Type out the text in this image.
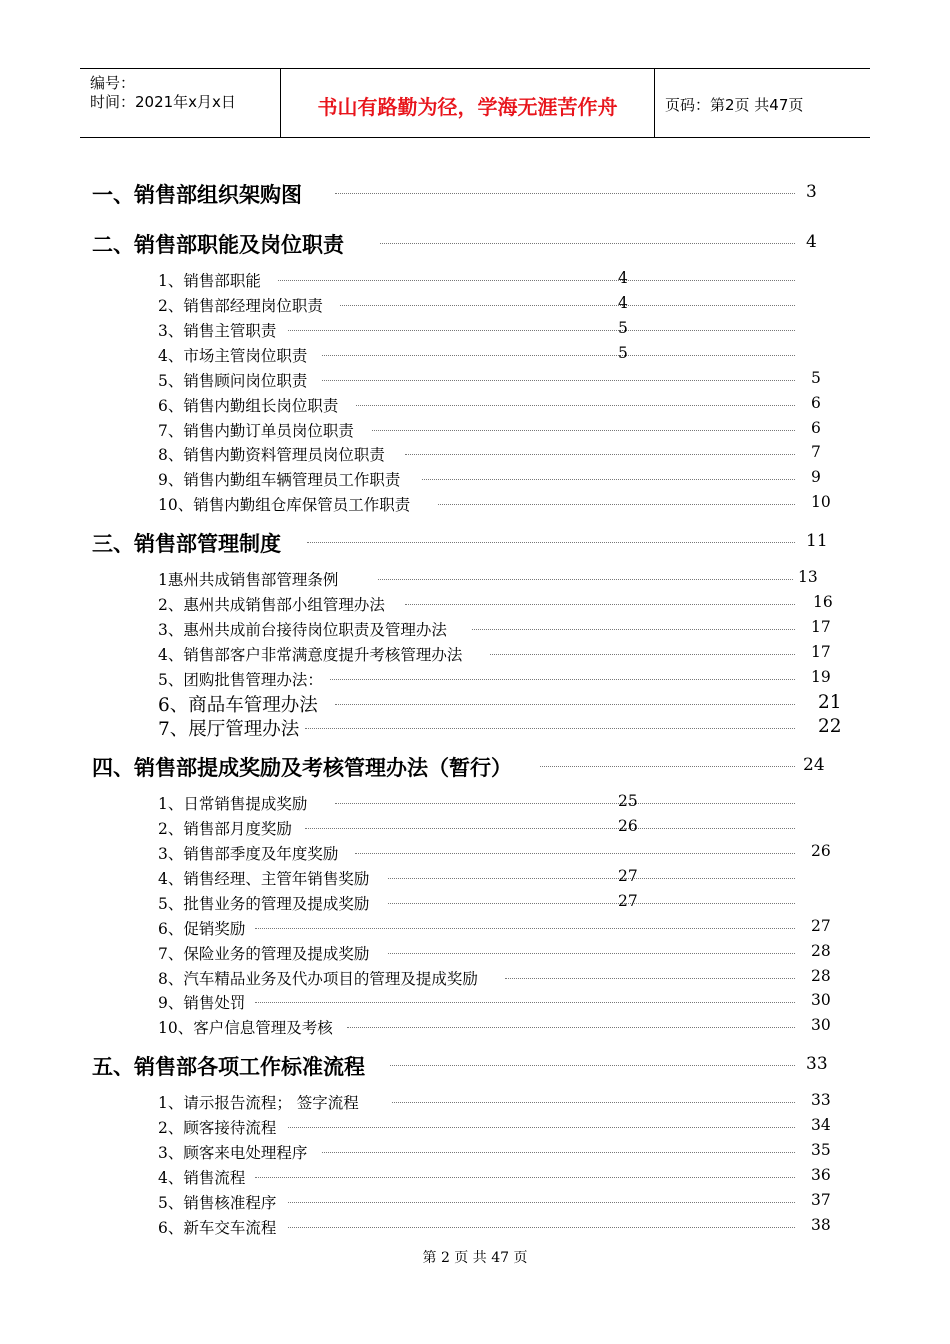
编号：
时间：2021年x月x日	书山有路勤为径，学海无涯苦作舟	页码：第2页 共47页
一、销售部组织架购图	3
二、销售部职能及岗位职责	4
1、销售部职能	4
2、销售部经理岗位职责	4
3、销售主管职责	5
4、市场主管岗位职责	5
5、销售顾问岗位职责	5
6、销售内勤组长岗位职责	6
7、销售内勤订单员岗位职责	6
8、销售内勤资料管理员岗位职责	7
9、销售内勤组车辆管理员工作职责	9
10、销售内勤组仓库保管员工作职责	10
三、销售部管理制度	11
1惠州共成销售部管理条例	13
2、惠州共成销售部小组管理办法	16
3、惠州共成前台接待岗位职责及管理办法	17
4、销售部客户非常满意度提升考核管理办法	17
5、团购批售管理办法：	19
6、商品车管理办法	21
7、展厅管理办法	22
四、销售部提成奖励及考核管理办法（暂行）	24
1、日常销售提成奖励	25
2、销售部月度奖励	26
3、销售部季度及年度奖励	26
4、销售经理、主管年销售奖励	27
5、批售业务的管理及提成奖励	27
6、促销奖励	27
7、保险业务的管理及提成奖励	28
8、汽车精品业务及代办项目的管理及提成奖励	28
9、销售处罚	30
10、客户信息管理及考核	30
五、销售部各项工作标准流程	33
1、请示报告流程； 签字流程	33
2、顾客接待流程	34
3、顾客来电处理程序	35
4、销售流程	36
5、销售核准程序	37
6、新车交车流程	38
第 2 页 共 47 页
